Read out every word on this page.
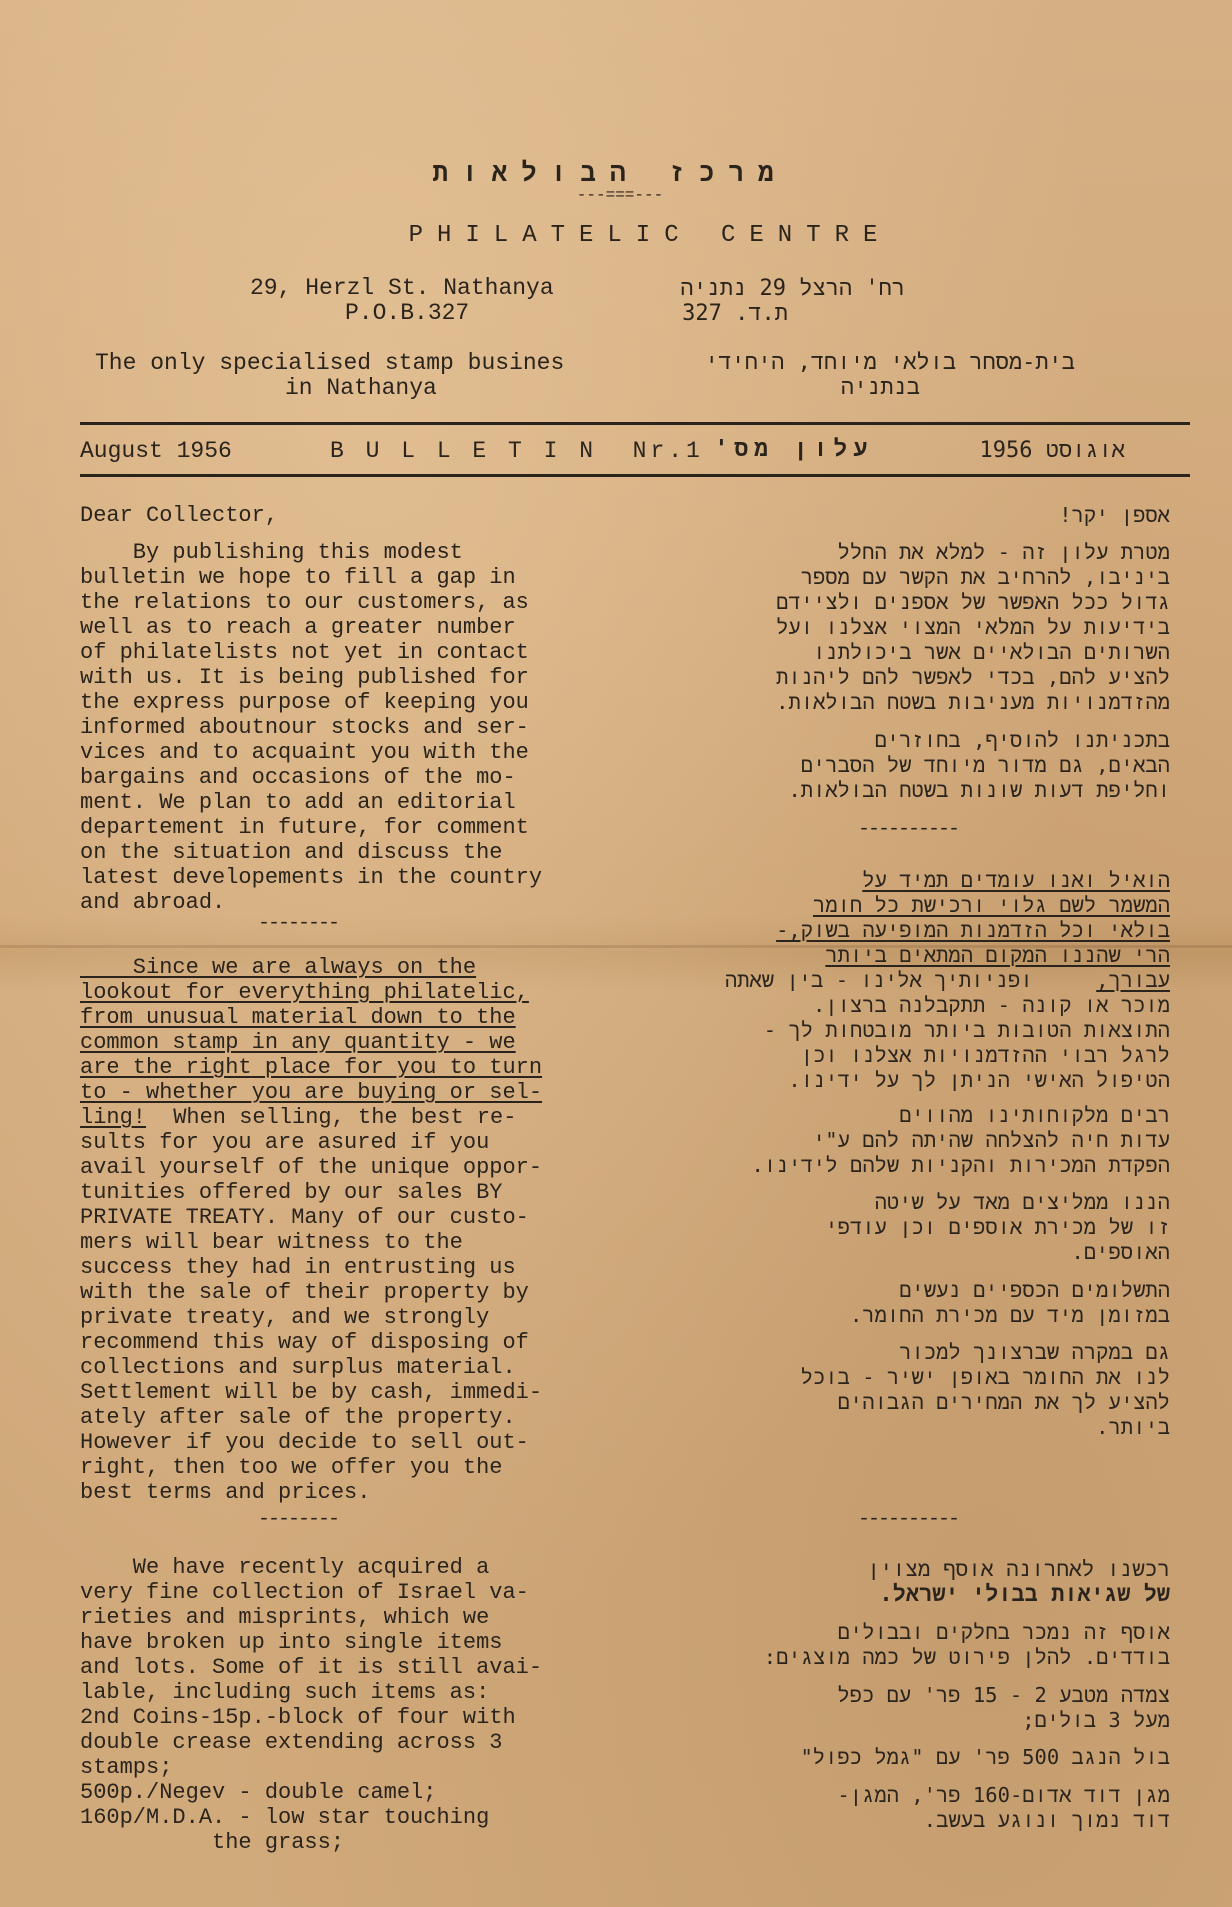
מרכז הבולאות
---===---
PHILATELIC CENTRE
29, Herzl St. Nathanya
P.O.B.327
רח' הרצל 29 נתניה
ת.ד. 327
The only specialised stamp busines
in Nathanya
בית-מסחר בולאי מיוחד, היחידי
בנתניה
August 1956	B U L L E T I N  Nr.1 עלון מס'	אוגוסט 1956
Dear Collector,
By publishing this modest
bulletin we hope to fill a gap in
the relations to our customers, as
well as to reach a greater number
of philatelists not yet in contact
with us. It is being published for
the express purpose of keeping you
informed aboutnour stocks and ser-
vices and to acquaint you with the
bargains and occasions of the mo-
ment. We plan to add an editorial
departement in future, for comment
on the situation and discuss the
latest developements in the country
and abroad.
--------
Since we are always on the
lookout for everything philatelic,
from unusual material down to the
common stamp in any quantity - we
are the right place for you to turn
to - whether you are buying or sel-
ling! When selling, the best re-
sults for you are asured if you
avail yourself of the unique oppor-
tunities offered by our sales BY
PRIVATE TREATY. Many of our custo-
mers will bear witness to the
success they had in entrusting us
with the sale of their property by
private treaty, and we strongly
recommend this way of disposing of
collections and surplus material.
Settlement will be by cash, immedi-
ately after sale of the property.
However if you decide to sell out-
right, then too we offer you the
best terms and prices.
--------
We have recently acquired a
very fine collection of Israel va-
rieties and misprints, which we
have broken up into single items
and lots. Some of it is still avai-
lable, including such items as:
2nd Coins-15p.-block of four with
double crease extending across 3
stamps;
500p./Negev - double camel;
160p/M.D.A. - low star touching
the grass;
אספן יקר!
מטרת עלון זה - למלא את החלל
ביניבו, להרחיב את הקשר עם מספר
גדול ככל האפשר של אספנים ולציידם
בידיעות על המלאי המצוי אצלנו ועל
השרותים הבולאיים אשר ביכולתנו
להציע להם, בכדי לאפשר להם ליהנות
מהזדמנויות מעניבות בשטח הבולאות.
בתכניתנו להוסיף, בחוזרים
הבאים, גם מדור מיוחד של הסברים
וחליפת דעות שונות בשטח הבולאות.
----------
הואיל ואנו עומדים תמיד על
המשמר לשם גלוי ורכישת כל חומר
בולאי וכל הזדמנות המופיעה בשוק,-
הרי שהננו המקום המתאים ביותר
עבורך,
ופניותיך אלינו - בין שאתה
מוכר או קונה - תתקבלנה ברצון.
התוצאות הטובות ביותר מובטחות לך -
לרגל רבוי ההזדמנויות אצלנו וכן
הטיפול האישי הניתן לך על ידינו.
רבים מלקוחותינו מהווים
עדות חיה להצלחה שהיתה להם ע"י
הפקדת המכירות והקניות שלהם לידינו.
הננו ממליצים מאד על שיטה
זו של מכירת אוספים וכן עודפי
האוספים.
התשלומים הכספיים נעשים
במזומן מיד עם מכירת החומר.
גם במקרה שברצונך למכור
לנו את החומר באופן ישיר - בוכל
להציע לך את המחירים הגבוהים
ביותר.
----------
רכשנו לאחרונה אוסף מצוין
של שגיאות בבולי ישראל.
אוסף זה נמכר בחלקים ובבולים
בודדים. להלן פירוט של כמה מוצגים:
צמדה מטבע 2 - 15 פר' עם כפל
מעל 3 בולים;
בול הנגב 500 פר' עם "גמל כפול"
מגן דוד אדום-160 פר', המגן-
דוד נמוך ונוגע בעשב.
